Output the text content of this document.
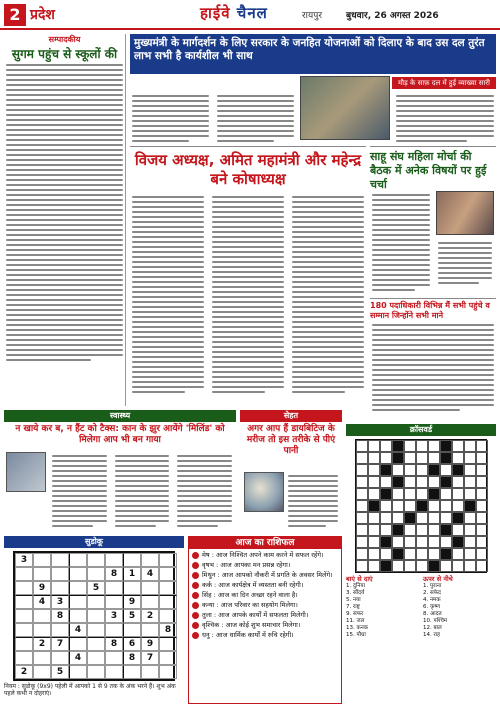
2 प्रदेश	हाईवे चैनल	रायपुर	बुधवार, 26 अगस्त 2026
सम्पादकीय
सुगम पहुंच से स्कूलों की
मुख्यमंत्री के मार्गदर्शन के लिए सरकार के जनहित योजनाओं को दिलाए के बाद उस दल तुरंत लाभ सभी है कार्यशील भी साथ
मौड़ के साफ़ दल में हुई व्याख्या सारी
विजय अध्यक्ष, अमित महामंत्री और महेन्द्र बने कोषाध्यक्ष
साहू संघ महिला मोर्चा की बैठक में अनेक विषयों पर हुई चर्चा
180 पदाधिकारी विभिन्न मैं सभी पहुंचे व सम्मान जिन्होंने सभी माने
स्वास्थ्य	सेहत
न खाये कर ब, न हैंट को टैक्स: कान के झुर आयेंगे 'मिलिंड' को मिलेगा आप भी बन गाया
अगर आप हैं डायबिटिज के मरीज तो इस तरीके से पीएं पानी
सुडोकू
3
8	1	4
9	5
4	3	9
8	3	5	2
4	8
2	7	8	6	9
4	8	7
2	5
नियम : सुडोकू (9x9) पहेली में आपको 1 से 9 तक के अंक भरने हैं। शुभ अंक पहले कभी न दोहराएं।
आज का राशिफल
मेष : आज निश्चित अपने काम करने में सफल रहेंगे।
वृषभ : आज आपका मन प्रसन्न रहेगा।
मिथुन : आज आपको नौकरी में प्रगति के अवसर मिलेंगे।
कर्क : आज कार्यक्षेत्र में व्यस्तता बनी रहेगी।
सिंह : आज का दिन अच्छा रहने वाला है।
कन्या : आज परिवार का सहयोग मिलेगा।
तुला : आज आपके कार्यों में सफलता मिलेगी।
वृश्चिक : आज कोई शुभ समाचार मिलेगा।
धनु : आज धार्मिक कार्यों में रुचि रहेगी।
क्रॉसवर्ड
बाएं से दाएं
1. दुनिया
3. सौंदर्य
5. नया
7. राष्ट्र
9. सफर
11. जल
13. कनक
15. पौधा
ऊपर से नीचे
1. पुराना
2. सफेद
4. नमक
6. कृष्ण
8. आदत
10. पश्चिम
12. बाल
14. राह
